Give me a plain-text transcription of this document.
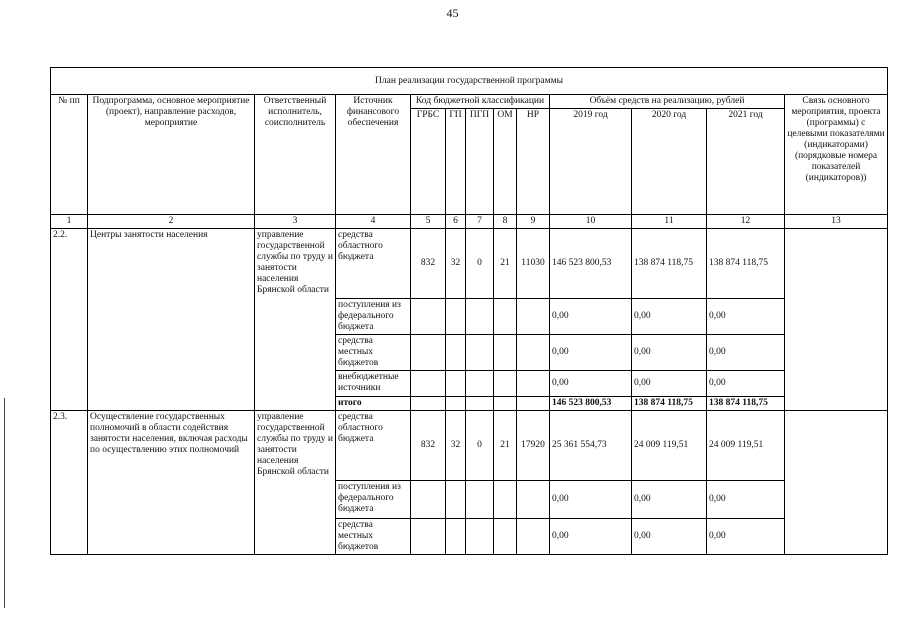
45
План реализации государственной программы												
№ пп	Подпрограмма, основное мероприятие (проект), направление расходов, мероприятие	Ответственный исполнитель, соисполнитель	Источник финансового обеспечения	Код бюджетной классификации					Объём средств на реализацию, рублей			Связь основного мероприятия, проекта (программы) с целевыми показателями (индикаторами) (порядковые номера показателей (индикаторов))
				ГРБС	ГП	ПГП	ОМ	НР	2019 год	2020 год	2021 год	
1	2	3	4	5	6	7	8	9	10	11	12	13
2.2.	Центры занятости населения	управление государственной службы по труду и занятости населения Брянской области	средства областного бюджета	832	32	0	21	11030	146 523 800,53	138 874 118,75	138 874 118,75	
			поступления из федерального бюджета						0,00	0,00	0,00	
			средства местных бюджетов						0,00	0,00	0,00	
			внебюджетные источники						0,00	0,00	0,00	
			итого						146 523 800,53	138 874 118,75	138 874 118,75	
2.3.	Осуществление государственных полномочий в области содействия занятости населения, включая расходы по осуществлению этих полномочий	управление государственной службы по труду и занятости населения Брянской области	средства областного бюджета	832	32	0	21	17920	25 361 554,73	24 009 119,51	24 009 119,51	
			поступления из федерального бюджета						0,00	0,00	0,00	
			средства местных бюджетов						0,00	0,00	0,00	
